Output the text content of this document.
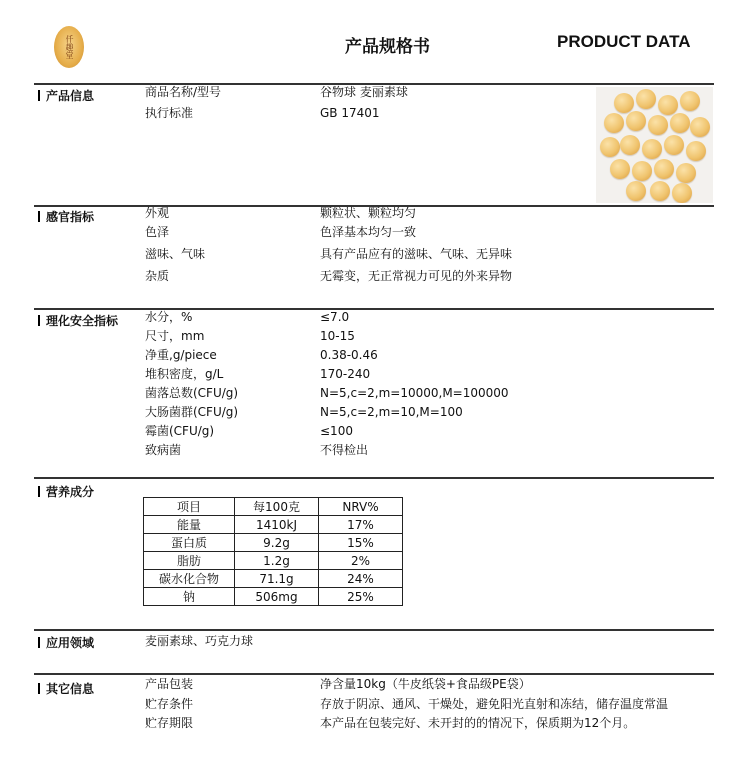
仟趣堂	产品规格书	PRODUCT DATA
产品信息	商品名称/型号	谷物球 麦丽素球
执行标准	GB 17401
感官指标	外观	颗粒状、颗粒均匀
色泽	色泽基本均匀一致
滋味、气味	具有产品应有的滋味、气味、无异味
杂质	无霉变，无正常视力可见的外来异物
理化安全指标 水分，%	≤7.0
尺寸，mm	10-15
净重,g/piece	0.38-0.46
堆积密度，g/L	170-240
菌落总数(CFU/g)	N=5,c=2,m=10000,M=100000
大肠菌群(CFU/g)	N=5,c=2,m=10,M=100
霉菌(CFU/g)	≤100
致病菌	不得检出
营养成分
项目	每100克	NRV%
能量	1410kJ	17%
蛋白质	9.2g	15%
脂肪	1.2g	2%
碳水化合物	71.1g	24%
钠	506mg	25%
应用领域	麦丽素球、巧克力球
其它信息	产品包装	净含量10kg（牛皮纸袋+食品级PE袋）
贮存条件	存放于阴凉、通风、干燥处，避免阳光直射和冻结，储存温度常温
贮存期限	本产品在包装完好、未开封的的情况下，保质期为12个月。
